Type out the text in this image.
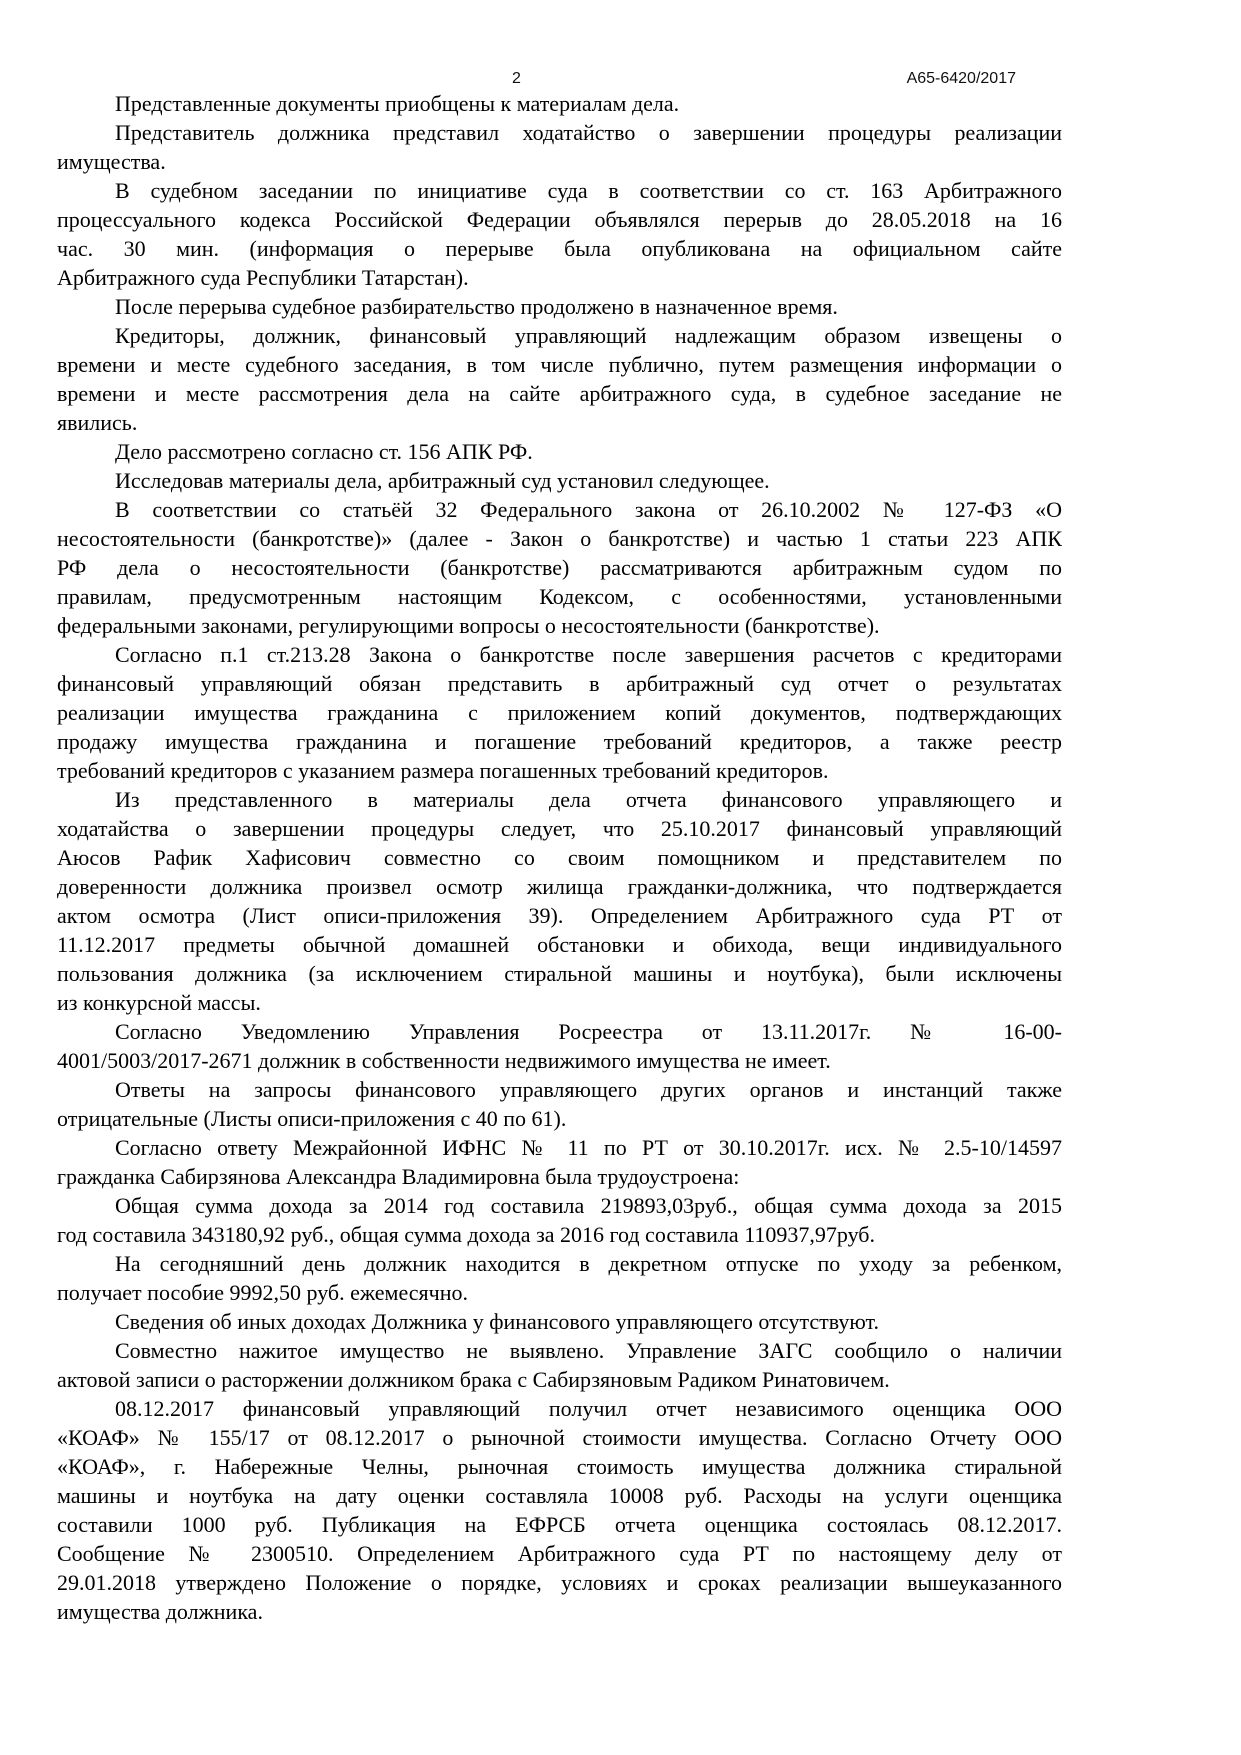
2	А65-6420/2017
Представленные документы приобщены к материалам дела.
Представитель должника представил ходатайство о завершении процедуры реализации
имущества.
В судебном заседании по инициативе суда в соответствии со ст. 163 Арбитражного
процессуального кодекса Российской Федерации объявлялся перерыв до 28.05.2018 на 16
час. 30 мин. (информация о перерыве была опубликована на официальном сайте
Арбитражного суда Республики Татарстан).
После перерыва судебное разбирательство продолжено в назначенное время.
Кредиторы, должник, финансовый управляющий надлежащим образом извещены о
времени и месте судебного заседания, в том числе публично, путем размещения информации о
времени и месте рассмотрения дела на сайте арбитражного суда, в судебное заседание не
явились.
Дело рассмотрено согласно ст. 156 АПК РФ.
Исследовав материалы дела, арбитражный суд установил следующее.
В соответствии со статьёй 32 Федерального закона от 26.10.2002 № 127-ФЗ «О
несостоятельности (банкротстве)» (далее - Закон о банкротстве) и частью 1 статьи 223 АПК
РФ дела о несостоятельности (банкротстве) рассматриваются арбитражным судом по
правилам, предусмотренным настоящим Кодексом, с особенностями, установленными
федеральными законами, регулирующими вопросы о несостоятельности (банкротстве).
Согласно п.1 ст.213.28 Закона о банкротстве после завершения расчетов с кредиторами
финансовый управляющий обязан представить в арбитражный суд отчет о результатах
реализации имущества гражданина с приложением копий документов, подтверждающих
продажу имущества гражданина и погашение требований кредиторов, а также реестр
требований кредиторов с указанием размера погашенных требований кредиторов.
Из представленного в материалы дела отчета финансового управляющего и
ходатайства о завершении процедуры следует, что 25.10.2017 финансовый управляющий
Аюсов Рафик Хафисович совместно со своим помощником и представителем по
доверенности должника произвел осмотр жилища гражданки-должника, что подтверждается
актом осмотра (Лист описи-приложения 39). Определением Арбитражного суда РТ от
11.12.2017 предметы обычной домашней обстановки и обихода, вещи индивидуального
пользования должника (за исключением стиральной машины и ноутбука), были исключены
из конкурсной массы.
Согласно Уведомлению Управления Росреестра от 13.11.2017г. № 16-00-
4001/5003/2017-2671 должник в собственности недвижимого имущества не имеет.
Ответы на запросы финансового управляющего других органов и инстанций также
отрицательные (Листы описи-приложения с 40 по 61).
Согласно ответу Межрайонной ИФНС № 11 по РТ от 30.10.2017г. исх. № 2.5-10/14597
гражданка Сабирзянова Александра Владимировна была трудоустроена:
Общая сумма дохода за 2014 год составила 219893,03руб., общая сумма дохода за 2015
год составила 343180,92 руб., общая сумма дохода за 2016 год составила 110937,97руб.
На сегодняшний день должник находится в декретном отпуске по уходу за ребенком,
получает пособие 9992,50 руб. ежемесячно.
Сведения об иных доходах Должника у финансового управляющего отсутствуют.
Совместно нажитое имущество не выявлено. Управление ЗАГС сообщило о наличии
актовой записи о расторжении должником брака с Сабирзяновым Радиком Ринатовичем.
08.12.2017 финансовый управляющий получил отчет независимого оценщика ООО
«КОАФ» № 155/17 от 08.12.2017 о рыночной стоимости имущества. Согласно Отчету ООО
«КОАФ», г. Набережные Челны, рыночная стоимость имущества должника стиральной
машины и ноутбука на дату оценки составляла 10008 руб. Расходы на услуги оценщика
составили 1000 руб. Публикация на ЕФРСБ отчета оценщика состоялась 08.12.2017.
Сообщение № 2300510. Определением Арбитражного суда РТ по настоящему делу от
29.01.2018 утверждено Положение о порядке, условиях и сроках реализации вышеуказанного
имущества должника.
